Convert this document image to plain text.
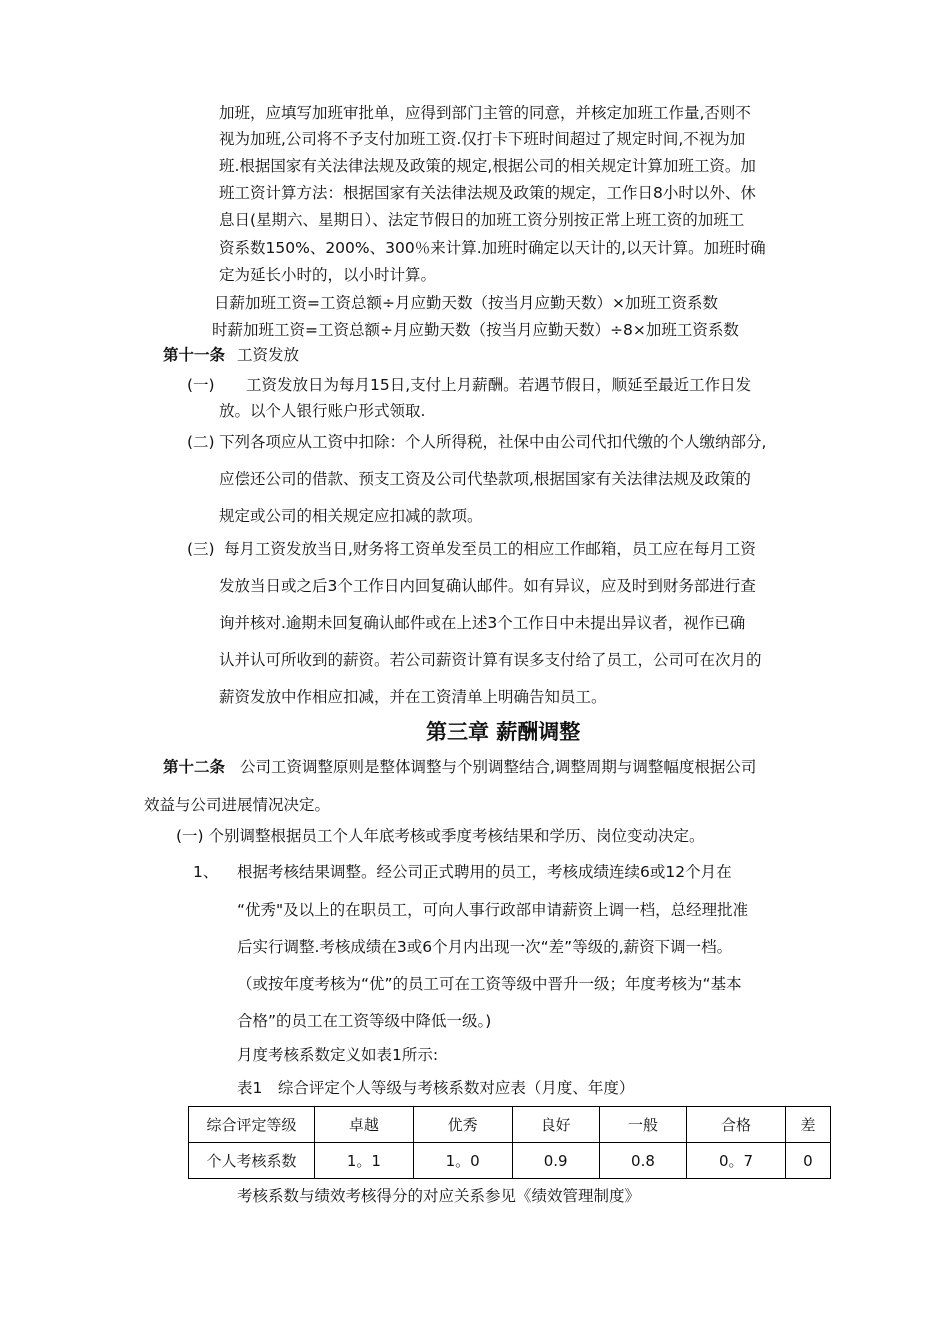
加班，应填写加班审批单，应得到部门主管的同意，并核定加班工作量,否则不
视为加班,公司将不予支付加班工资.仅打卡下班时间超过了规定时间,不视为加
班.根据国家有关法律法规及政策的规定,根据公司的相关规定计算加班工资。加
班工资计算方法：根据国家有关法律法规及政策的规定，工作日8小时以外、休
息日(星期六、星期日）、法定节假日的加班工资分别按正常上班工资的加班工
资系数150%、200%、300％来计算.加班时确定以天计的,以天计算。加班时确
定为延长小时的，以小时计算。
日薪加班工资=工资总额÷月应勤天数（按当月应勤天数）×加班工资系数
时薪加班工资=工资总额÷月应勤天数（按当月应勤天数）÷8×加班工资系数
第十一条 工资发放
(一) 工资发放日为每月15日,支付上月薪酬。若遇节假日，顺延至最近工作日发
放。以个人银行账户形式领取.
(二) 下列各项应从工资中扣除：个人所得税，社保中由公司代扣代缴的个人缴纳部分,
应偿还公司的借款、预支工资及公司代垫款项,根据国家有关法律法规及政策的
规定或公司的相关规定应扣减的款项。
(三) 每月工资发放当日,财务将工资单发至员工的相应工作邮箱，员工应在每月工资
发放当日或之后3个工作日内回复确认邮件。如有异议，应及时到财务部进行查
询并核对.逾期未回复确认邮件或在上述3个工作日中未提出异议者，视作已确
认并认可所收到的薪资。若公司薪资计算有误多支付给了员工，公司可在次月的
薪资发放中作相应扣减，并在工资清单上明确告知员工。
第三章 薪酬调整
第十二条 公司工资调整原则是整体调整与个别调整结合,调整周期与调整幅度根据公司
效益与公司进展情况决定。
(一) 个别调整根据员工个人年底考核或季度考核结果和学历、岗位变动决定。
1、 根据考核结果调整。经公司正式聘用的员工，考核成绩连续6或12个月在
“优秀"及以上的在职员工，可向人事行政部申请薪资上调一档，总经理批准
后实行调整.考核成绩在3或6个月内出现一次“差”等级的,薪资下调一档。
（或按年度考核为“优”的员工可在工资等级中晋升一级；年度考核为“基本
合格”的员工在工资等级中降低一级。)
月度考核系数定义如表1所示:
表1　综合评定个人等级与考核系数对应表（月度、年度）
综合评定等级	卓越	优秀	良好	一般	合格	差
个人考核系数	1。1	1。0	0.9	0.8	0。7	0
考核系数与绩效考核得分的对应关系参见《绩效管理制度》
